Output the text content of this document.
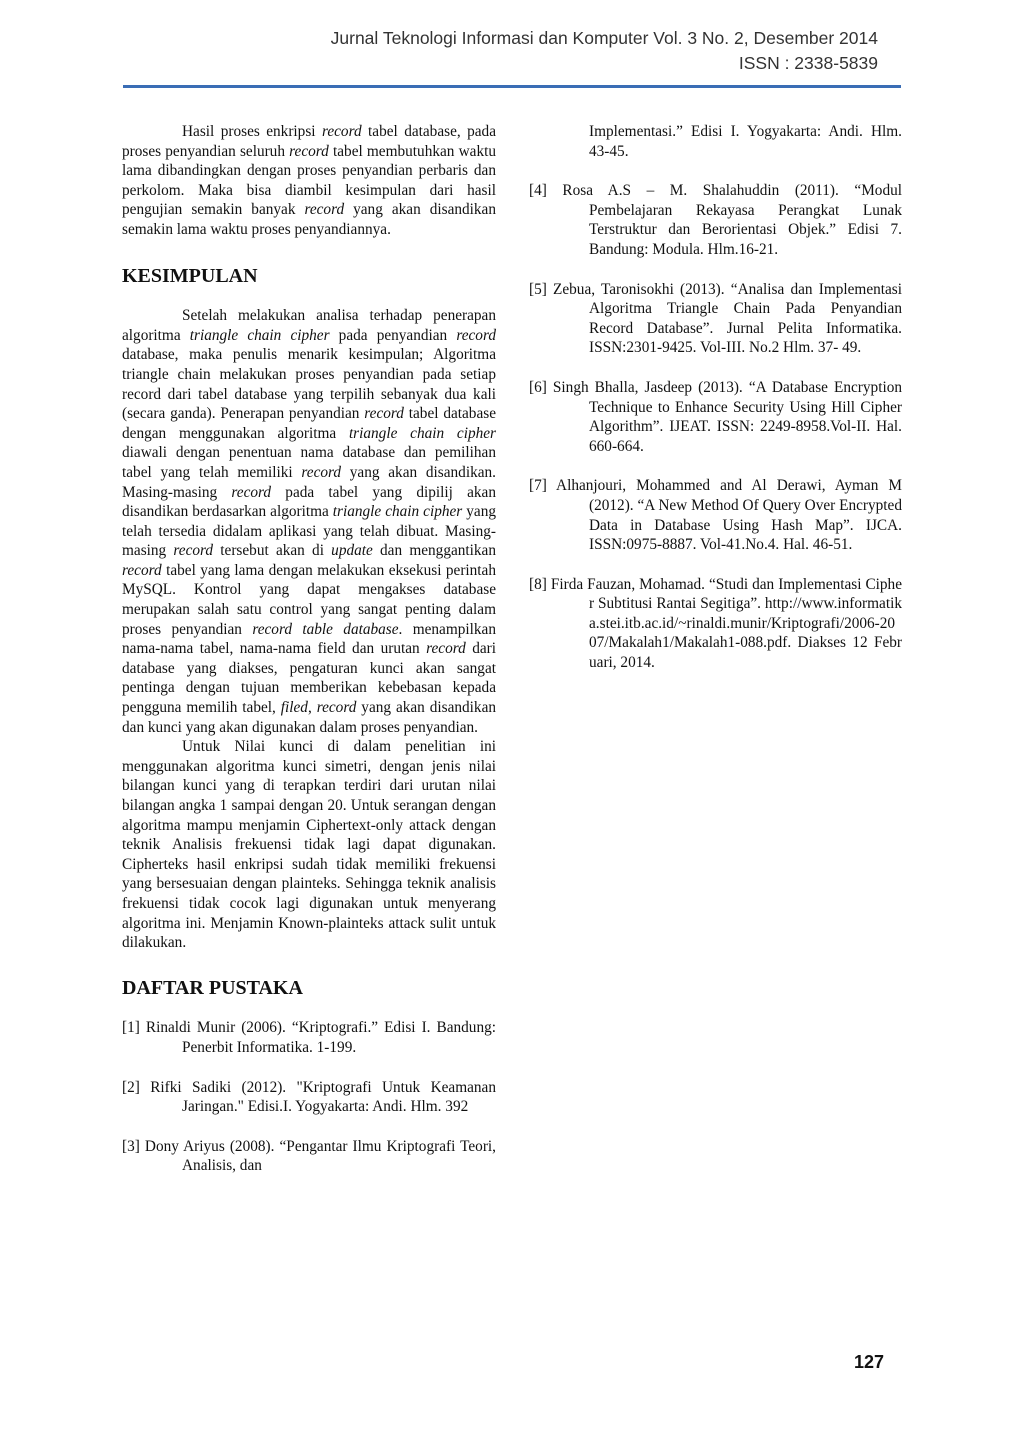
Jurnal Teknologi Informasi dan Komputer Vol. 3 No. 2, Desember 2014
ISSN : 2338-5839

Hasil proses enkripsi record tabel database, pada proses penyandian seluruh record tabel membutuhkan waktu lama dibandingkan dengan proses penyandian perbaris dan perkolom. Maka bisa diambil kesimpulan dari hasil pengujian semakin banyak record yang akan disandikan semakin lama waktu proses penyandiannya.

KESIMPULAN

Setelah melakukan analisa terhadap penerapan algoritma triangle chain cipher pada penyandian record database, maka penulis menarik kesimpulan; Algoritma triangle chain melakukan proses penyandian pada setiap record dari tabel database yang terpilih sebanyak dua kali (secara ganda). Penerapan penyandian record tabel database dengan menggunakan algoritma triangle chain cipher diawali dengan penentuan nama database dan pemilihan tabel yang telah memiliki record yang akan disandikan. Masing-masing record pada tabel yang dipilij akan disandikan berdasarkan algoritma triangle chain cipher yang telah tersedia didalam aplikasi yang telah dibuat. Masing-masing record tersebut akan di update dan menggantikan record tabel yang lama dengan melakukan eksekusi perintah MySQL. Kontrol yang dapat mengakses database merupakan salah satu control yang sangat penting dalam proses penyandian record table database. menampilkan nama-nama tabel, nama-nama field dan urutan record dari database yang diakses, pengaturan kunci akan sangat pentinga dengan tujuan memberikan kebebasan kepada pengguna memilih tabel, filed, record yang akan disandikan dan kunci yang akan digunakan dalam proses penyandian.

Untuk Nilai kunci di dalam penelitian ini menggunakan algoritma kunci simetri, dengan jenis nilai bilangan kunci yang di terapkan terdiri dari urutan nilai bilangan angka 1 sampai dengan 20. Untuk serangan dengan algoritma mampu menjamin Ciphertext-only attack dengan teknik Analisis frekuensi tidak lagi dapat digunakan. Cipherteks hasil enkripsi sudah tidak memiliki frekuensi yang bersesuaian dengan plainteks. Sehingga teknik analisis frekuensi tidak cocok lagi digunakan untuk menyerang algoritma ini. Menjamin Known-plainteks attack sulit untuk dilakukan.

DAFTAR PUSTAKA

[1] Rinaldi Munir (2006). “Kriptografi.” Edisi I. Bandung: Penerbit Informatika. 1-199.

[2] Rifki Sadiki (2012). "Kriptografi Untuk Keamanan Jaringan." Edisi.I. Yogyakarta: Andi. Hlm. 392

[3] Dony Ariyus (2008). “Pengantar Ilmu Kriptografi Teori, Analisis, dan

Implementasi.” Edisi I. Yogyakarta: Andi. Hlm. 43-45.

[4] Rosa A.S – M. Shalahuddin (2011). “Modul Pembelajaran Rekayasa Perangkat Lunak Terstruktur dan Berorientasi Objek.” Edisi 7. Bandung: Modula. Hlm.16-21.

[5] Zebua, Taronisokhi (2013). “Analisa dan Implementasi Algoritma Triangle Chain Pada Penyandian Record Database”. Jurnal Pelita Informatika. ISSN:2301-9425. Vol-III. No.2 Hlm. 37- 49.

[6] Singh Bhalla, Jasdeep (2013). “A Database Encryption Technique to Enhance Security Using Hill Cipher Algorithm”. IJEAT. ISSN: 2249-8958.Vol-II. Hal. 660-664.

[7] Alhanjouri, Mohammed and Al Derawi, Ayman M (2012). “A New Method Of Query Over Encrypted Data in Database Using Hash Map”. IJCA. ISSN:0975-8887. Vol-41.No.4. Hal. 46-51.

[8] Firda Fauzan, Mohamad. “Studi dan Implementasi Cipher Subtitusi Rantai Segitiga”. http://www.informatika.stei.itb.ac.id/~rinaldi.munir/Kriptografi/2006-2007/Makalah1/Makalah1-088.pdf. Diakses 12 Februari, 2014.

127
